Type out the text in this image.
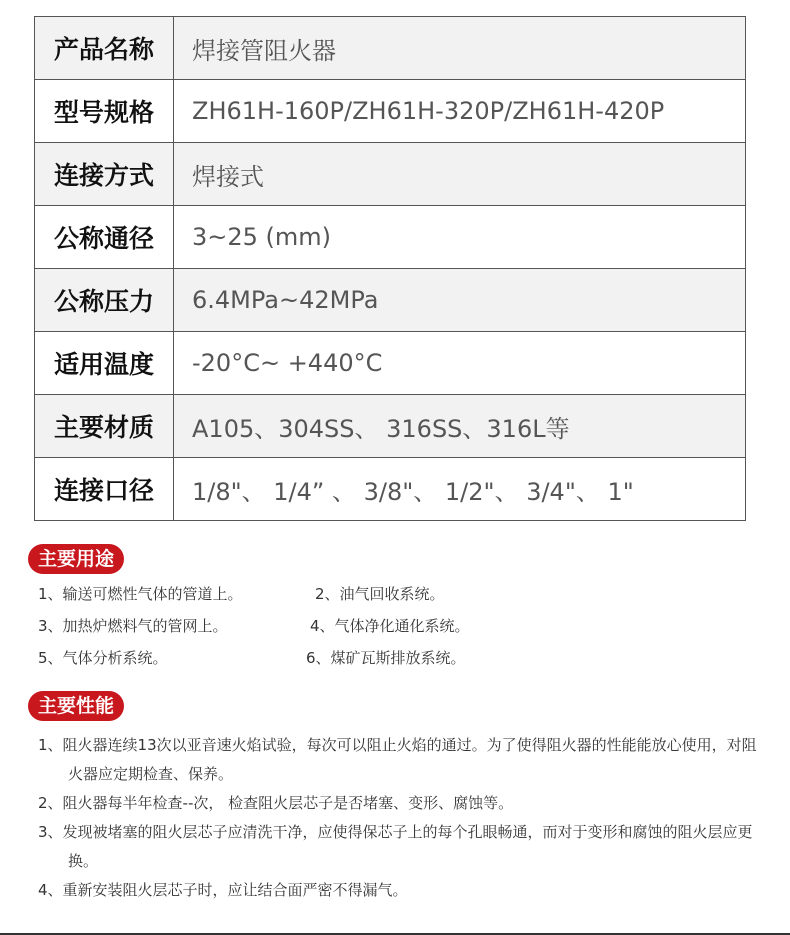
产品名称	焊接管阻火器
型号规格	ZH61H-160P/ZH61H-320P/ZH61H-420P
连接方式	焊接式
公称通径	3~25 (mm)
公称压力	6.4MPa~42MPa
适用温度	-20°C~ +440°C
主要材质	A105、304SS、 316SS、316L等
连接口径	1/8"、 1/4” 、 3/8"、 1/2"、 3/4"、 1"
主要用途
1、输送可燃性气体的管道上。	2、油气回收系统。
3、加热炉燃料气的管网上。	4、气体净化通化系统。
5、气体分析系统。	6、煤矿瓦斯排放系统。
主要性能

1、阻火器连续13次以亚音速火焰试验，每次可以阻止火焰的通过。为了使得阻火器的性能能放心使用，对阻火器应定期检查、保养。

2、阻火器每半年检查--次， 检查阻火层芯子是否堵塞、变形、腐蚀等。

3、发现被堵塞的阻火层芯子应清洗干净，应使得保芯子上的每个孔眼畅通，而对于变形和腐蚀的阻火层应更换。

4、重新安装阻火层芯子时，应让结合面严密不得漏气。
